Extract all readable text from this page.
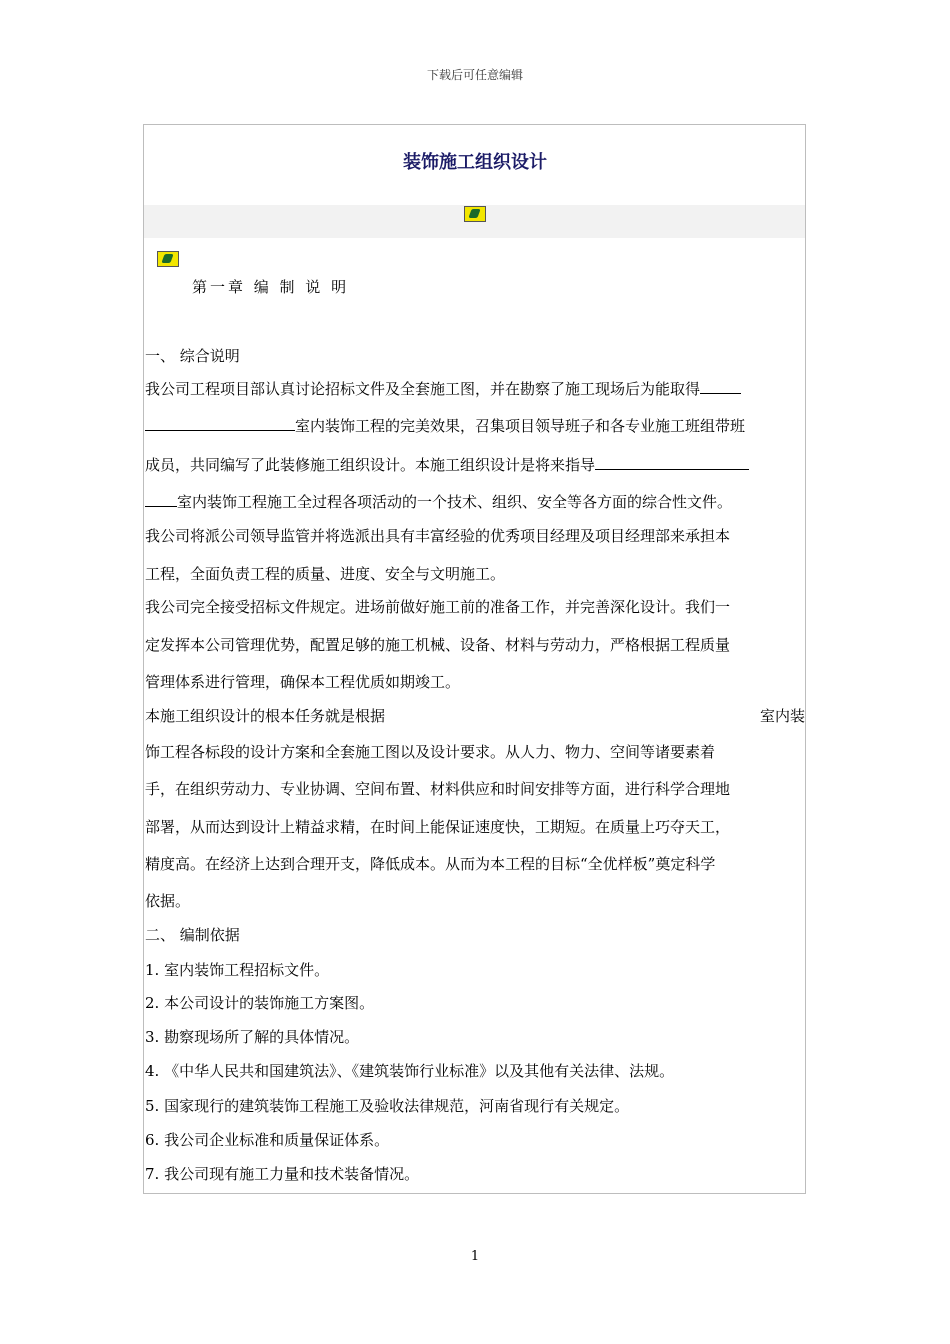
下载后可任意编辑
装饰施工组织设计
第一章 编 制 说 明
一、 综合说明
我公司工程项目部认真讨论招标文件及全套施工图，并在勘察了施工现场后为能取得
室内装饰工程的完美效果，召集项目领导班子和各专业施工班组带班
成员，共同编写了此装修施工组织设计。本施工组织设计是将来指导
室内装饰工程施工全过程各项活动的一个技术、组织、安全等各方面的综合性文件。
我公司将派公司领导监管并将选派出具有丰富经验的优秀项目经理及项目经理部来承担本
工程，全面负责工程的质量、进度、安全与文明施工。
我公司完全接受招标文件规定。进场前做好施工前的准备工作，并完善深化设计。我们一
定发挥本公司管理优势，配置足够的施工机械、设备、材料与劳动力，严格根据工程质量
管理体系进行管理，确保本工程优质如期竣工。
本施工组织设计的根本任务就是根据	室内装
饰工程各标段的设计方案和全套施工图以及设计要求。从人力、物力、空间等诸要素着
手，在组织劳动力、专业协调、空间布置、材料供应和时间安排等方面，进行科学合理地
部署，从而达到设计上精益求精，在时间上能保证速度快，工期短。在质量上巧夺天工，
精度高。在经济上达到合理开支，降低成本。从而为本工程的目标“全优样板”奠定科学
依据。
二、 编制依据
1. 室内装饰工程招标文件。
2. 本公司设计的装饰施工方案图。
3. 勘察现场所了解的具体情况。
4. 《中华人民共和国建筑法》、《建筑装饰行业标准》以及其他有关法律、法规。
5. 国家现行的建筑装饰工程施工及验收法律规范，河南省现行有关规定。
6. 我公司企业标准和质量保证体系。
7. 我公司现有施工力量和技术装备情况。
1
